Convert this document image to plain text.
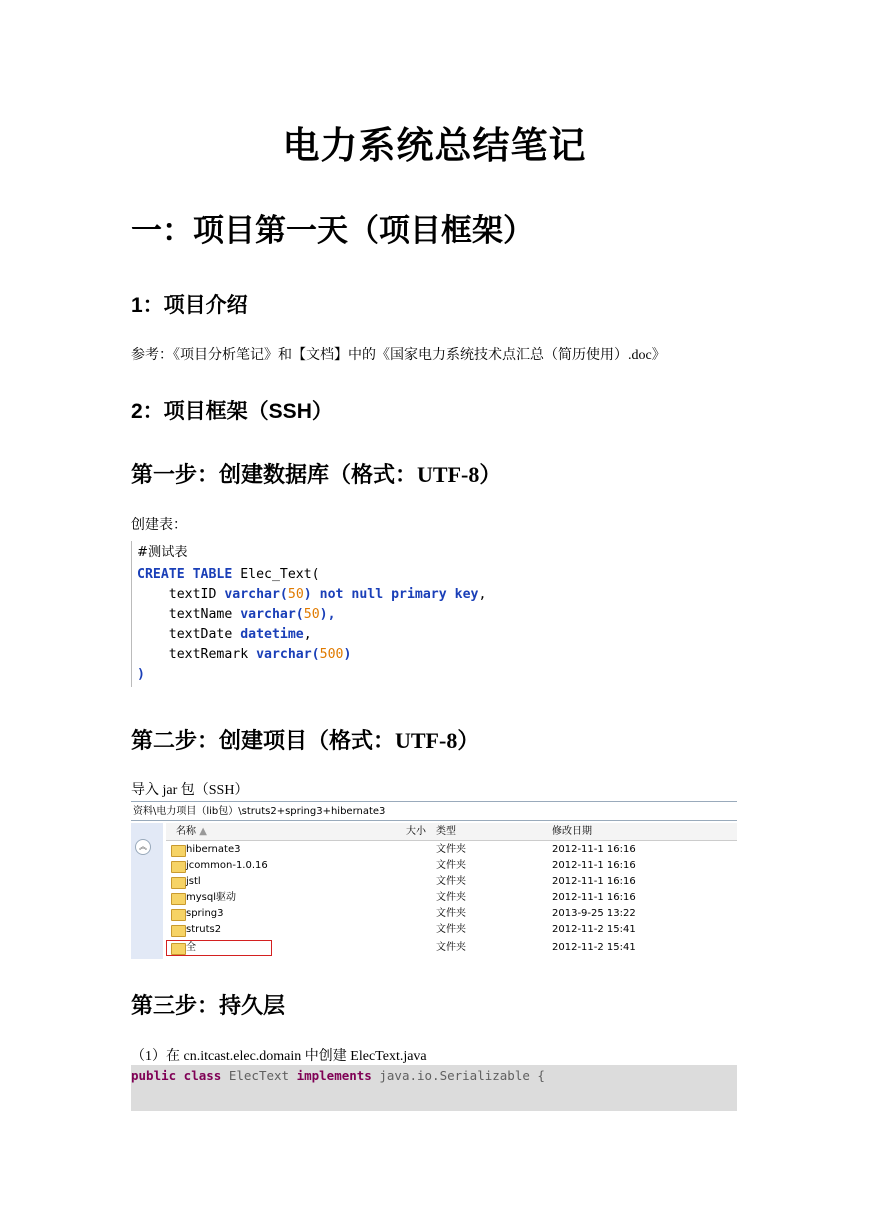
电力系统总结笔记
一：项目第一天（项目框架）
1：项目介绍
参考：《项目分析笔记》和【文档】中的《国家电力系统技术点汇总（简历使用）.doc》
2：项目框架（SSH）
第一步：创建数据库（格式：UTF-8）
创建表：
#测试表
CREATE TABLE Elec_Text(
textID varchar(50) not null primary key,
textName varchar(50),
textDate datetime,
textRemark varchar(500)
)
第二步：创建项目（格式：UTF-8）
导入 jar 包（SSH）
资料\电力项目（lib包）\struts2+spring3+hibernate3
︽
名称 ▲	大小	类型	修改日期
hibernate3	文件夹	2012-11-1 16:16
jcommon-1.0.16	文件夹	2012-11-1 16:16
jstl	文件夹	2012-11-1 16:16
mysql驱动	文件夹	2012-11-1 16:16
spring3	文件夹	2013-9-25 13:22
struts2	文件夹	2012-11-2 15:41
全	文件夹	2012-11-2 15:41
第三步：持久层
（1）在 cn.itcast.elec.domain 中创建 ElecText.java
public class ElecText implements java.io.Serializable {
